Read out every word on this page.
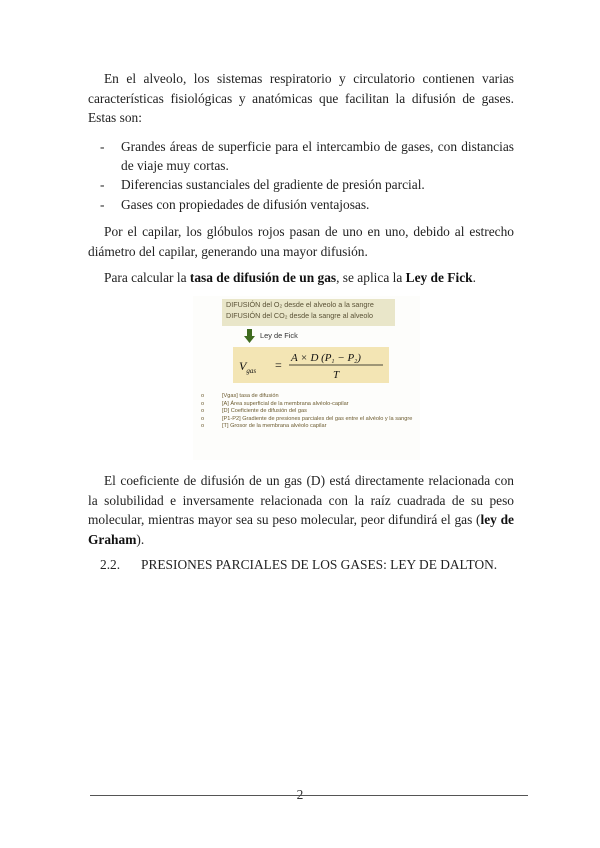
En el alveolo, los sistemas respiratorio y circulatorio contienen varias características fisiológicas y anatómicas que facilitan la difusión de gases. Estas son:

- Grandes áreas de superficie para el intercambio de gases, con distancias de viaje muy cortas.
- Diferencias sustanciales del gradiente de presión parcial.
- Gases con propiedades de difusión ventajosas.

Por el capilar, los glóbulos rojos pasan de uno en uno, debido al estrecho diámetro del capilar, generando una mayor difusión.

Para calcular la tasa de difusión de un gas, se aplica la Ley de Fick.

DIFUSIÓN del O₂ desde el alveolo a la sangre
DIFUSIÓN del CO₂ desde la sangre al alveolo
Ley de Fick
$V_{gas} = A \times D$ (P1 − P2)
T
o	[Vgas] tasa de difusión
o	[A] Área superficial de la membrana alvéolo-capilar
o	[D] Coeficiente de difusión del gas
o	[P1-P2] Gradiente de presiones parciales del gas entre el alvéolo y la sangre
o	[T] Grosor de la membrana alvéolo capilar

El coeficiente de difusión de un gas (D) está directamente relacionada con la solubilidad e inversamente relacionada con la raíz cuadrada de su peso molecular, mientras mayor sea su peso molecular, peor difundirá el gas (ley de Graham).

2.2. PRESIONES PARCIALES DE LOS GASES: LEY DE DALTON.
2
